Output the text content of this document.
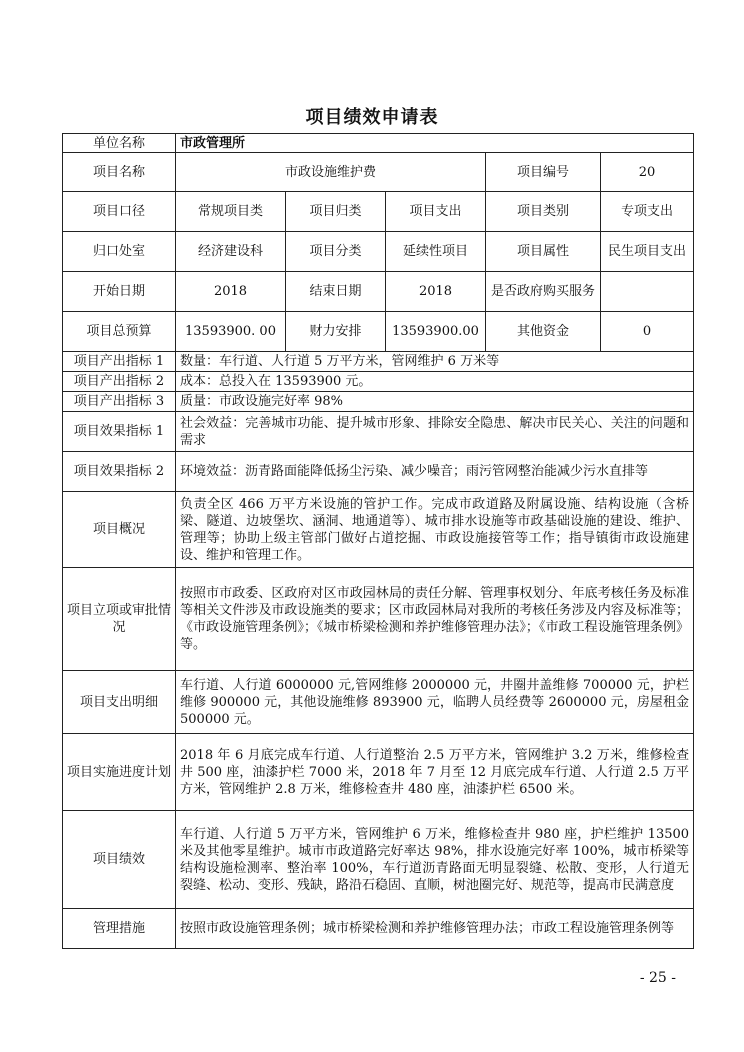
项目绩效申请表
单位名称	市政管理所				
项目名称	市政设施维护费			项目编号	20
项目口径	常规项目类	项目归类	项目支出	项目类别	专项支出
归口处室	经济建设科	项目分类	延续性项目	项目属性	民生项目支出
开始日期	2018	结束日期	2018	是否政府购买服务	
项目总预算	13593900. 00	财力安排	13593900.00	其他资金	0
项目产出指标 1	数量：车行道、人行道 5 万平方米，管网维护 6 万米等				
项目产出指标 2	成本：总投入在 13593900 元。				
项目产出指标 3	质量：市政设施完好率 98%				
项目效果指标 1	社会效益：完善城市功能、提升城市形象、排除安全隐患、解决市民关心、关注的问题和需求				
项目效果指标 2	环境效益：沥青路面能降低扬尘污染、减少噪音；雨污管网整治能减少污水直排等				
项目概况	负责全区 466 万平方米设施的管护工作。完成市政道路及附属设施、结构设施（含桥梁、隧道、边坡堡坎、涵洞、地通道等）、城市排水设施等市政基础设施的建设、维护、管理等；协助上级主管部门做好占道挖掘、市政设施接管等工作；指导镇街市政设施建设、维护和管理工作。				
项目立项或审批情况	按照市市政委、区政府对区市政园林局的责任分解、管理事权划分、年底考核任务及标准等相关文件涉及市政设施类的要求；区市政园林局对我所的考核任务涉及内容及标准等；《市政设施管理条例》；《城市桥梁检测和养护维修管理办法》；《市政工程设施管理条例》等。				
项目支出明细	车行道、人行道 6000000 元,管网维修 2000000 元，井圈井盖维修 700000 元，护栏维修 900000 元，其他设施维修 893900 元，临聘人员经费等 2600000 元，房屋租金 500000 元。				
项目实施进度计划	2018 年 6 月底完成车行道、人行道整治 2.5 万平方米，管网维护 3.2 万米，维修检查井 500 座，油漆护栏 7000 米，2018 年 7 月至 12 月底完成车行道、人行道 2.5 万平方米，管网维护 2.8 万米，维修检查井 480 座，油漆护栏 6500 米。				
项目绩效	车行道、人行道 5 万平方米，管网维护 6 万米，维修检查井 980 座，护栏维护 13500 米及其他零星维护。城市市政道路完好率达 98%，排水设施完好率 100%，城市桥梁等结构设施检测率、整治率 100%，车行道沥青路面无明显裂缝、松散、变形，人行道无裂缝、松动、变形、残缺，路沿石稳固、直顺，树池圈完好、规范等，提高市民满意度				
管理措施	按照市政设施管理条例；城市桥梁检测和养护维修管理办法；市政工程设施管理条例等				
- 25 -
